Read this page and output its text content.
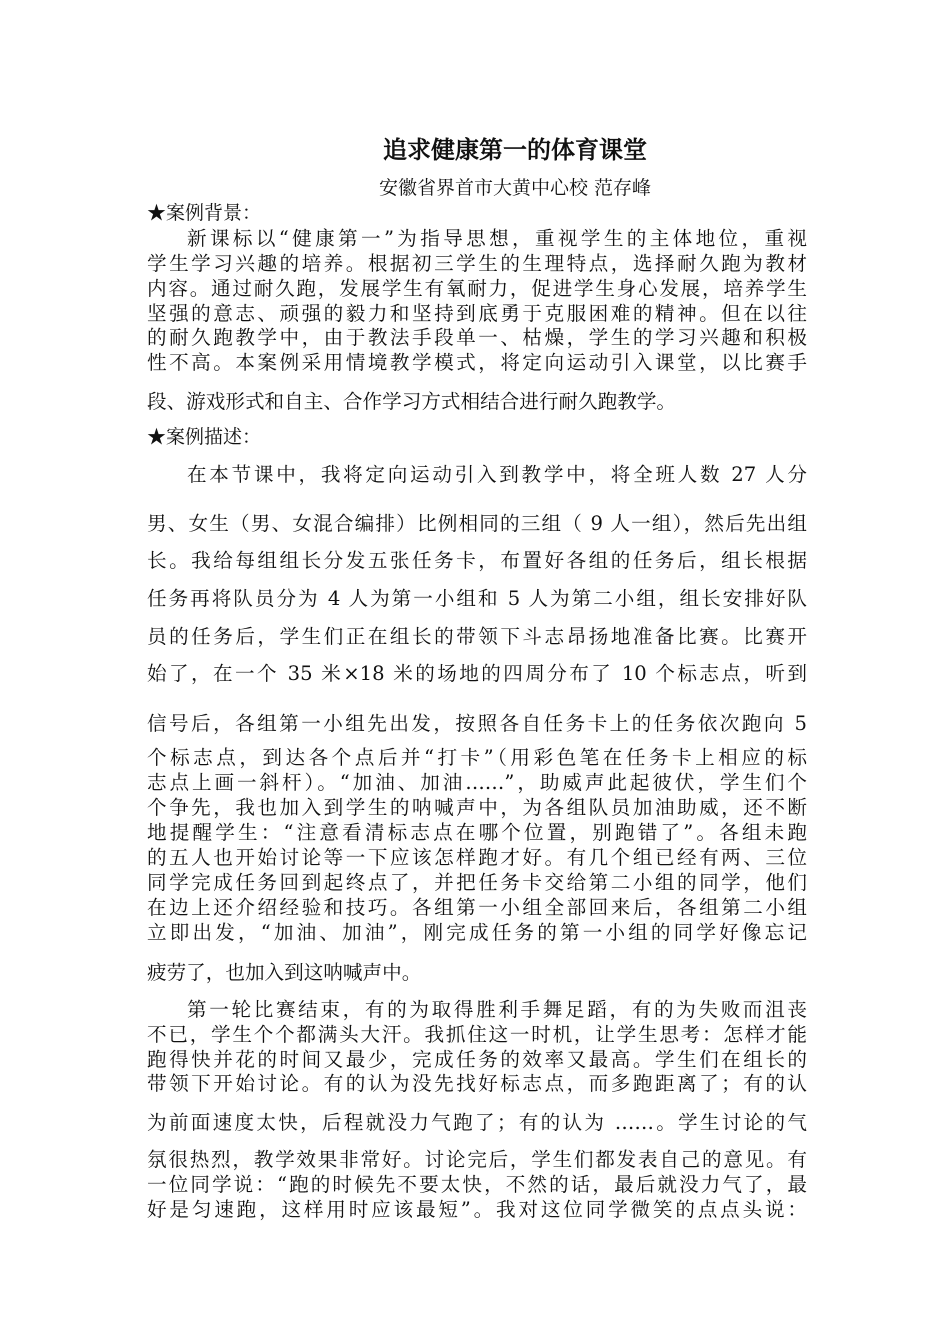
追求健康第一的体育课堂
安徽省界首市大黄中心校 范存峰
★案例背景：
新课标以“健康第一”为指导思想，重视学生的主体地位，重视
学生学习兴趣的培养。根据初三学生的生理特点，选择耐久跑为教材
内容。通过耐久跑，发展学生有氧耐力，促进学生身心发展，培养学生
坚强的意志、顽强的毅力和坚持到底勇于克服困难的精神。但在以往
的耐久跑教学中，由于教法手段单一、枯燥，学生的学习兴趣和积极
性不高。本案例采用情境教学模式，将定向运动引入课堂，以比赛手
段、游戏形式和自主、合作学习方式相结合进行耐久跑教学。
★案例描述：
在本节课中，我将定向运动引入到教学中，将全班人数 27 人分
男、女生（男、女混合编排）比例相同的三组（ 9 人一组），然后先出组
长。我给每组组长分发五张任务卡，布置好各组的任务后，组长根据
任务再将队员分为 4 人为第一小组和 5 人为第二小组，组长安排好队
员的任务后，学生们正在组长的带领下斗志昂扬地准备比赛。比赛开
始了，在一个 35 米×18 米的场地的四周分布了 10 个标志点，听到
信号后，各组第一小组先出发，按照各自任务卡上的任务依次跑向 5
个标志点，到达各个点后并“打卡”（用彩色笔在任务卡上相应的标
志点上画一斜杆）。“加油、加油……”，助威声此起彼伏，学生们个
个争先，我也加入到学生的呐喊声中，为各组队员加油助威，还不断
地提醒学生：“注意看清标志点在哪个位置，别跑错了”。各组未跑
的五人也开始讨论等一下应该怎样跑才好。有几个组已经有两、三位
同学完成任务回到起终点了，并把任务卡交给第二小组的同学，他们
在边上还介绍经验和技巧。各组第一小组全部回来后，各组第二小组
立即出发，“加油、加油”，刚完成任务的第一小组的同学好像忘记
疲劳了，也加入到这呐喊声中。
第一轮比赛结束，有的为取得胜利手舞足蹈，有的为失败而沮丧
不已，学生个个都满头大汗。我抓住这一时机，让学生思考：怎样才能
跑得快并花的时间又最少，完成任务的效率又最高。学生们在组长的
带领下开始讨论。有的认为没先找好标志点，而多跑距离了；有的认
为前面速度太快，后程就没力气跑了；有的认为 ……。学生讨论的气
氛很热烈，教学效果非常好。讨论完后，学生们都发表自己的意见。有
一位同学说：“跑的时候先不要太快，不然的话，最后就没力气了，最
好是匀速跑，这样用时应该最短”。我对这位同学微笑的点点头说：
